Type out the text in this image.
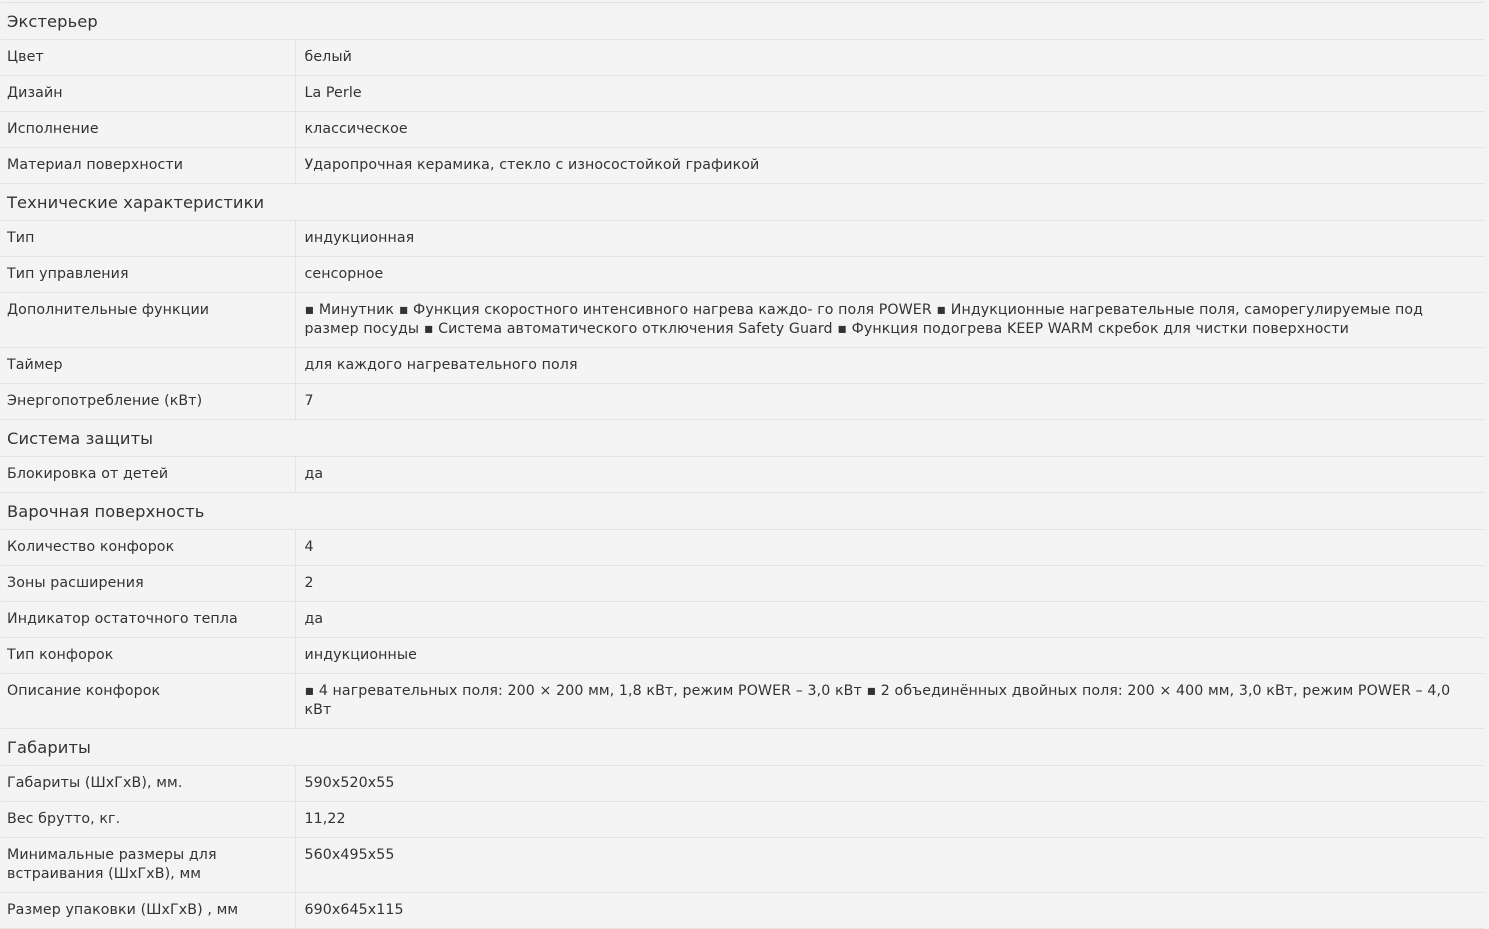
Экстерьер	
Цвет	белый
Дизайн	La Perle
Исполнение	классическое
Материал поверхности	Ударопрочная керамика, стекло с износостойкой графикой
Технические характеристики	
Тип	индукционная
Тип управления	сенсорное
Дополнительные функции	▪ Минутник ▪ Функция скоростного интенсивного нагрева каждо- го поля POWER ▪ Индукционные нагревательные поля, саморегулируемые под размер посуды ▪ Система автоматического отключения Safety Guard ▪ Функция подогрева KEEP WARM скребок для чистки поверхности
Таймер	для каждого нагревательного поля
Энергопотребление (кВт)	7
Система защиты	
Блокировка от детей	да
Варочная поверхность	
Количество конфорок	4
Зоны расширения	2
Индикатор остаточного тепла	да
Тип конфорок	индукционные
Описание конфорок	▪ 4 нагревательных поля: 200 × 200 мм, 1,8 кВт, режим POWER – 3,0 кВт ▪ 2 объединённых двойных поля: 200 × 400 мм, 3,0 кВт, режим POWER – 4,0 кВт
Габариты	
Габариты (ШхГхВ), мм.	590x520x55
Вес брутто, кг.	11,22
Минимальные размеры для встраивания (ШхГхВ), мм	560x495x55
Размер упаковки (ШхГхВ) , мм	690x645x115
